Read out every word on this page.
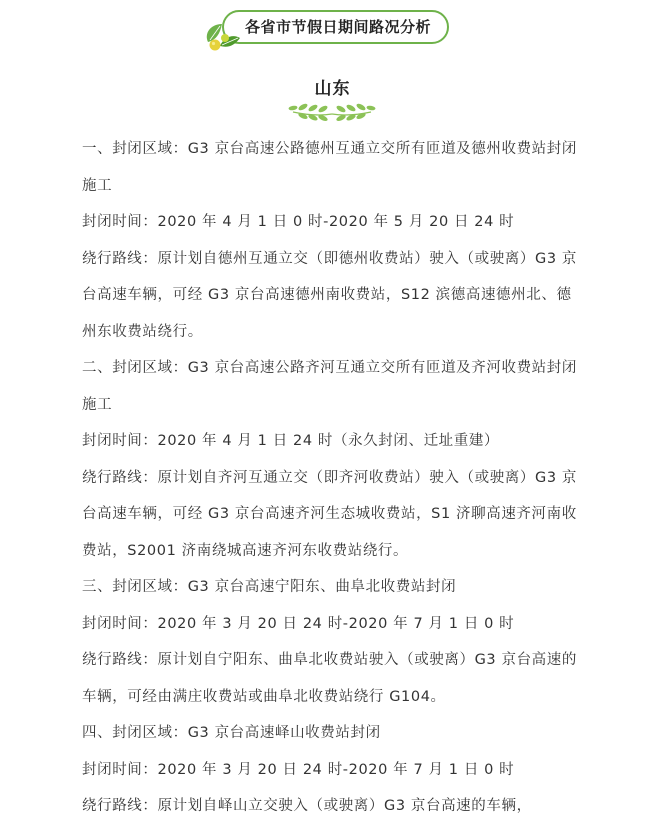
各省市节假日期间路况分析
山东

一、封闭区域：G3 京台高速公路德州互通立交所有匝道及德州收费站封闭施工

封闭时间：2020 年 4 月 1 日 0 时-2020 年 5 月 20 日 24 时

绕行路线：原计划自德州互通立交（即德州收费站）驶入（或驶离）G3 京台高速车辆，可经 G3 京台高速德州南收费站，S12 滨德高速德州北、德州东收费站绕行。

二、封闭区域：G3 京台高速公路齐河互通立交所有匝道及齐河收费站封闭施工

封闭时间：2020 年 4 月 1 日 24 时（永久封闭、迁址重建）

绕行路线：原计划自齐河互通立交（即齐河收费站）驶入（或驶离）G3 京台高速车辆，可经 G3 京台高速齐河生态城收费站，S1 济聊高速齐河南收费站，S2001 济南绕城高速齐河东收费站绕行。

三、封闭区域：G3 京台高速宁阳东、曲阜北收费站封闭

封闭时间：2020 年 3 月 20 日 24 时-2020 年 7 月 1 日 0 时

绕行路线：原计划自宁阳东、曲阜北收费站驶入（或驶离）G3 京台高速的车辆，可经由满庄收费站或曲阜北收费站绕行 G104。

四、封闭区域：G3 京台高速峄山收费站封闭

封闭时间：2020 年 3 月 20 日 24 时-2020 年 7 月 1 日 0 时

绕行路线：原计划自峄山立交驶入（或驶离）G3 京台高速的车辆，
